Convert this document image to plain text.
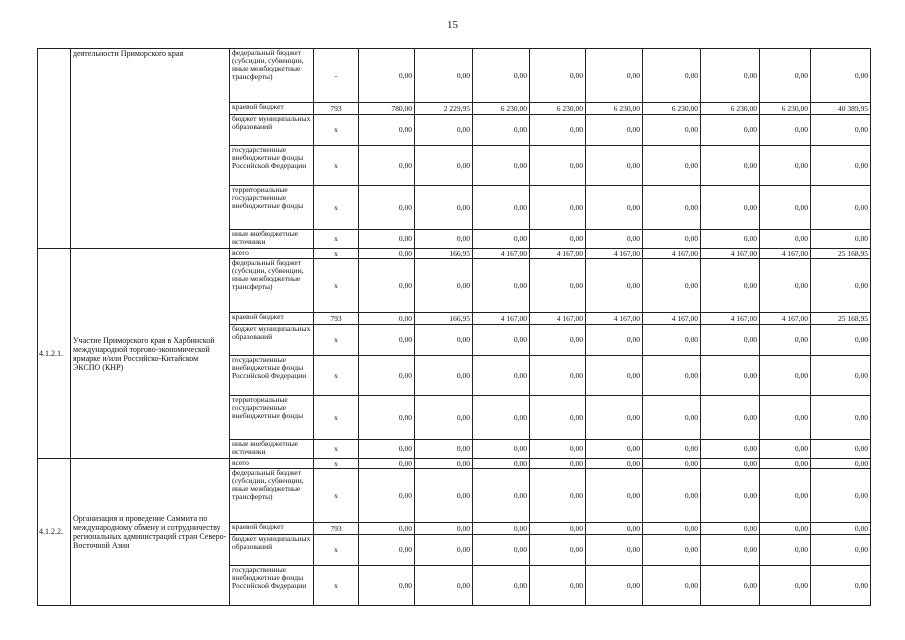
15
	деятельности Приморского края	федеральный бюджет (субсидии, субвенции, иные межбюджетные трансферты)	-	0,00	0,00	0,00	0,00	0,00	0,00	0,00	0,00	0,00
		краевой бюджет	793	780,00	2 229,95	6 230,00	6 230,00	6 230,00	6 230,00	6 230,00	6 230,00	40 389,95
		бюджет муниципальных образований	x	0,00	0,00	0,00	0,00	0,00	0,00	0,00	0,00	0,00
		государственные внебюджетные фонды Российской Федерации	x	0,00	0,00	0,00	0,00	0,00	0,00	0,00	0,00	0,00
		территориальные государственные внебюджетные фонды	x	0,00	0,00	0,00	0,00	0,00	0,00	0,00	0,00	0,00
		иные внебюджетные источники	x	0,00	0,00	0,00	0,00	0,00	0,00	0,00	0,00	0,00
4.1.2.1.	Участие Приморского края в Харбинской международной торгово-экономической ярмарке и/или Российско-Китайском ЭКСПО (КНР)	всего	x	0,00	166,95	4 167,00	4 167,00	4 167,00	4 167,00	4 167,00	4 167,00	25 168,95
		федеральный бюджет (субсидии, субвенции, иные межбюджетные трансферты)	x	0,00	0,00	0,00	0,00	0,00	0,00	0,00	0,00	0,00
		краевой бюджет	793	0,00	166,95	4 167,00	4 167,00	4 167,00	4 167,00	4 167,00	4 167,00	25 168,95
		бюджет муниципальных образований	x	0,00	0,00	0,00	0,00	0,00	0,00	0,00	0,00	0,00
		государственные внебюджетные фонды Российской Федерации	x	0,00	0,00	0,00	0,00	0,00	0,00	0,00	0,00	0,00
		территориальные государственные внебюджетные фонды	x	0,00	0,00	0,00	0,00	0,00	0,00	0,00	0,00	0,00
		иные внебюджетные источники	x	0,00	0,00	0,00	0,00	0,00	0,00	0,00	0,00	0,00
4.1.2.2.	Организация и проведение Саммита по международному обмену и сотрудничеству региональных администраций стран Северо-Восточной Азии	всего	x	0,00	0,00	0,00	0,00	0,00	0,00	0,00	0,00	0,00
		федеральный бюджет (субсидии, субвенции, иные межбюджетные трансферты)	x	0,00	0,00	0,00	0,00	0,00	0,00	0,00	0,00	0,00
		краевой бюджет	793	0,00	0,00	0,00	0,00	0,00	0,00	0,00	0,00	0,00
		бюджет муниципальных образований	x	0,00	0,00	0,00	0,00	0,00	0,00	0,00	0,00	0,00
		государственные внебюджетные фонды Российской Федерации	x	0,00	0,00	0,00	0,00	0,00	0,00	0,00	0,00	0,00
